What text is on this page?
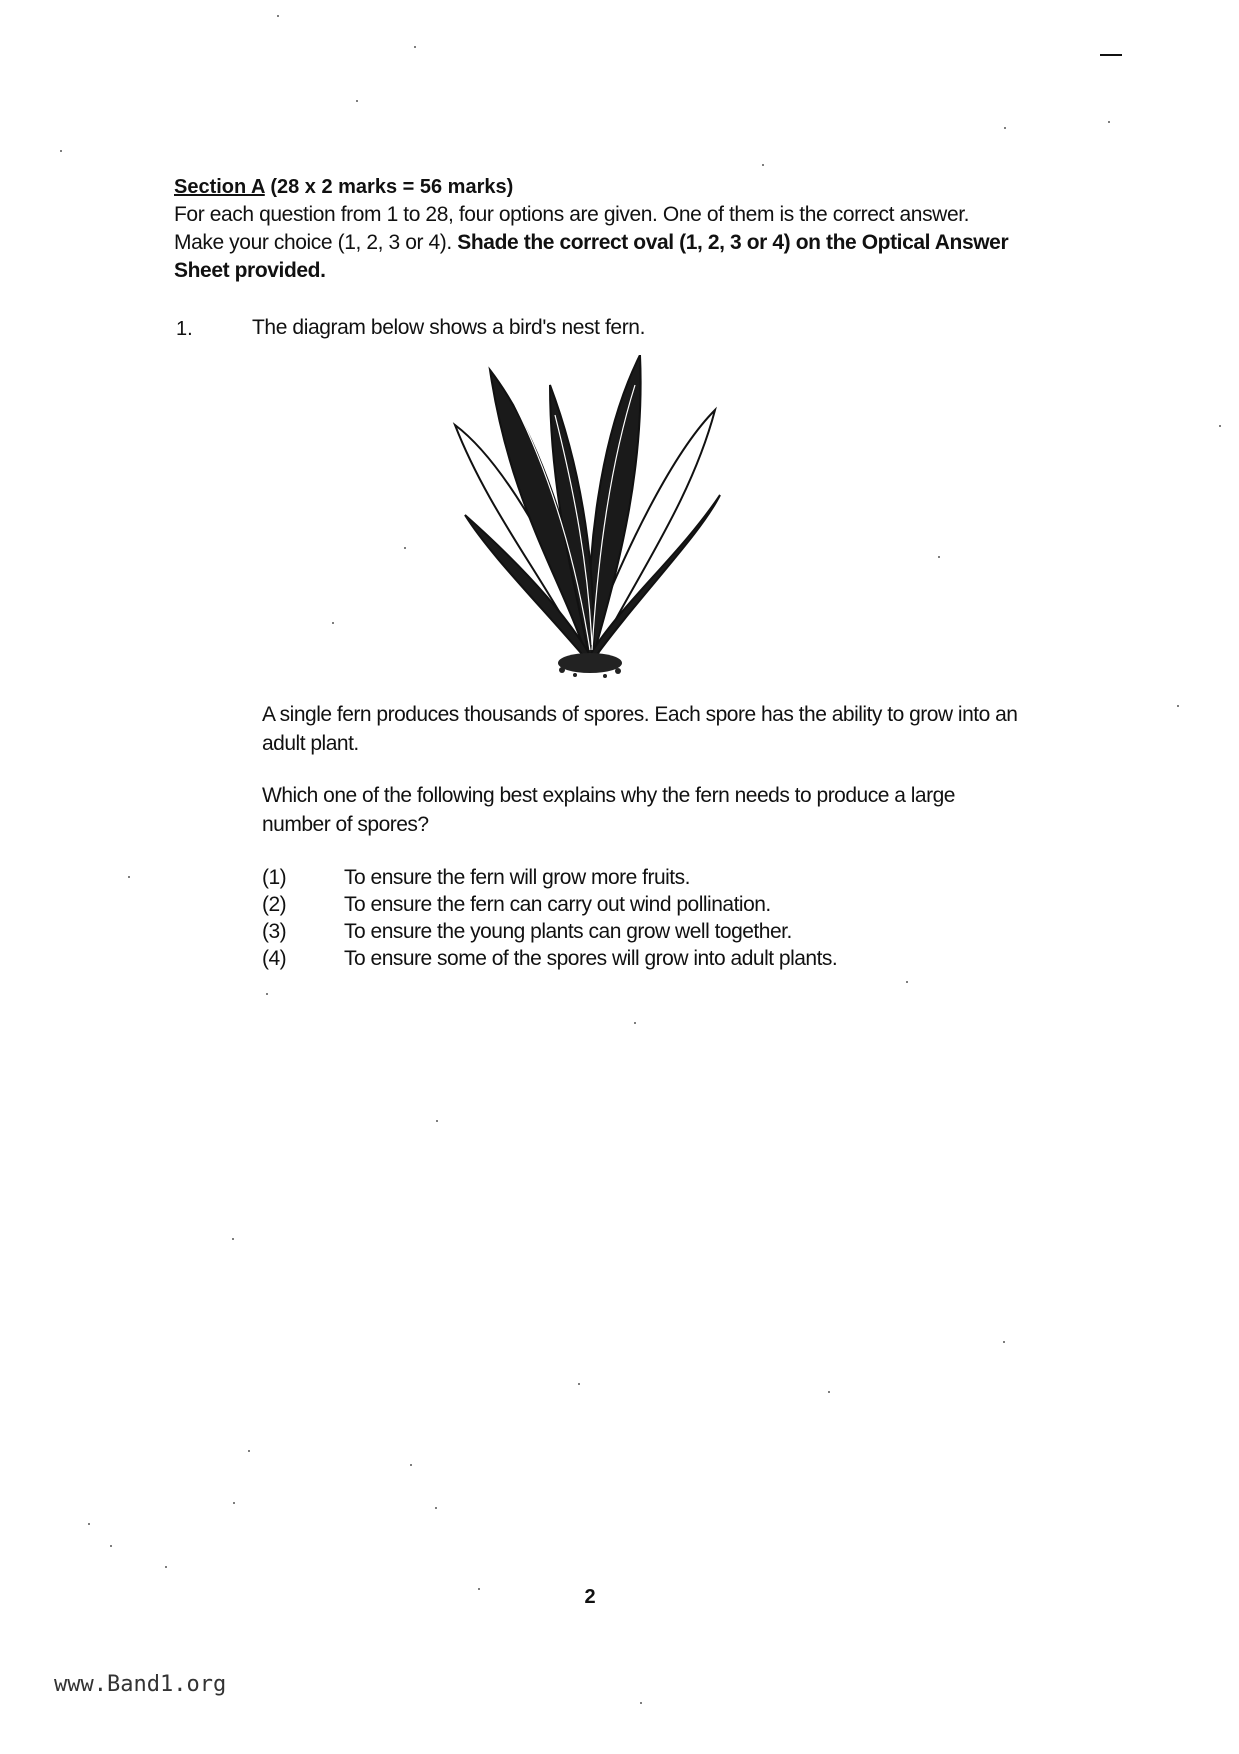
Section A (28 x 2 marks = 56 marks)
For each question from 1 to 28, four options are given. One of them is the correct answer. Make your choice (1, 2, 3 or 4). Shade the correct oval (1, 2, 3 or 4) on the Optical Answer Sheet provided.
1.	The diagram below shows a bird's nest fern.
A single fern produces thousands of spores. Each spore has the ability to grow into an adult plant.
Which one of the following best explains why the fern needs to produce a large number of spores?
(1)	To ensure the fern will grow more fruits.
(2)	To ensure the fern can carry out wind pollination.
(3)	To ensure the young plants can grow well together.
(4)	To ensure some of the spores will grow into adult plants.
2
www.Band1.org
